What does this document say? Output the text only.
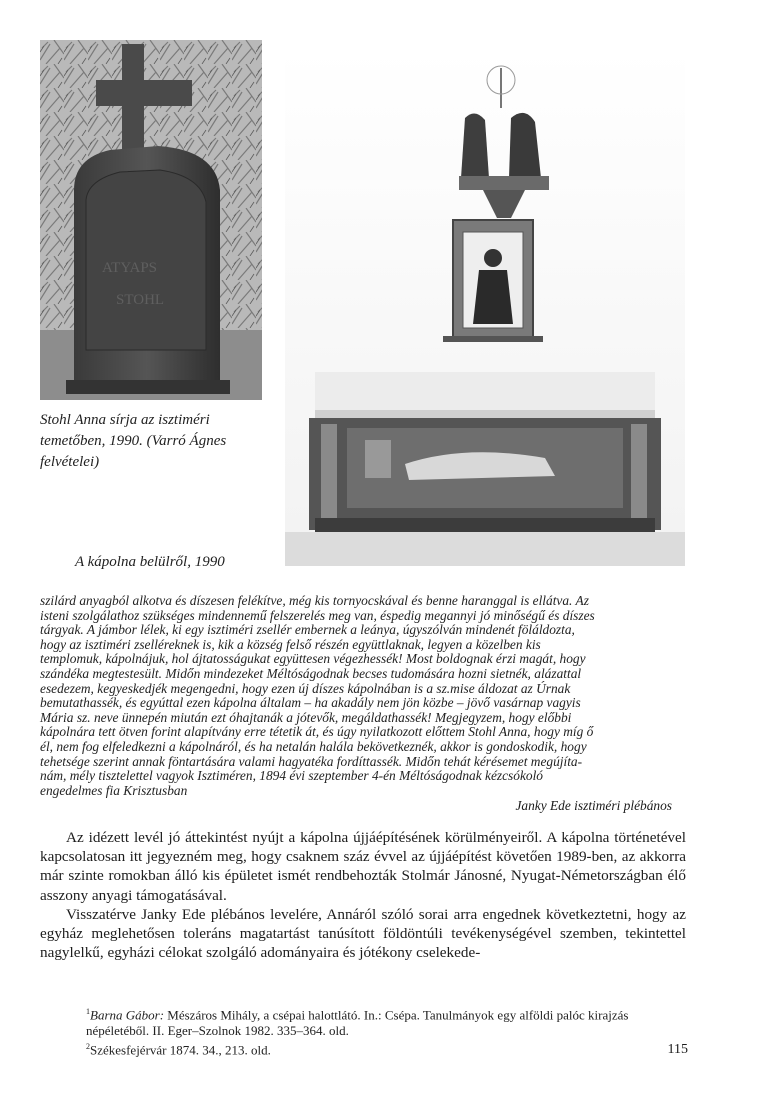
ATYAPS
STOHL
Stohl Anna sírja az isztiméri
temetőben, 1990. (Varró Ágnes
felvételei)
A kápolna belülről, 1990

szilárd anyagból alkotva és díszesen felékítve, még kis tornyocskával és benne haranggal is ellátva. Az

isteni szolgálathoz szükséges mindennemű felszerelés meg van, éspedig megannyi jó minőségű és díszes

tárgyak. A jámbor lélek, ki egy isztiméri zsellér embernek a leánya, úgyszólván mindenét föláldozta,

hogy az isztiméri zselléreknek is, kik a község felső részén együttlaknak, legyen a közelben kis

templomuk, kápolnájuk, hol ájtatosságukat együttesen végezhessék! Most boldognak érzi magát, hogy

szándéka megtestesült. Midőn mindezeket Méltóságodnak becses tudomására hozni sietnék, alázattal

esedezem, kegyeskedjék megengedni, hogy ezen új díszes kápolnában is a sz.mise áldozat az Úrnak

bemutathassék, és egyúttal ezen kápolna általam – ha akadály nem jön közbe – jövő vasárnap vagyis

Mária sz. neve ünnepén miután ezt óhajtanák a jótevők, megáldathassék! Megjegyzem, hogy előbbi

kápolnára tett ötven forint alapítvány erre tétetik át, és úgy nyilatkozott előttem Stohl Anna, hogy míg ő

él, nem fog elfeledkezni a kápolnáról, és ha netalán halála bekövetkeznék, akkor is gondoskodik, hogy

tehetsége szerint annak föntartására valami hagyatéka fordíttassék. Midőn tehát kérésemet megújíta-

nám, mély tisztelettel vagyok Isztiméren, 1894 évi szeptember 4-én Méltóságodnak kézcsókoló

engedelmes fia Krisztusban

Janky Ede isztiméri plébános

Az idézett levél jó áttekintést nyújt a kápolna újjáépítésének körülményeiről. A kápolna történetével kapcsolatosan itt jegyezném meg, hogy csaknem száz évvel az újjáépítést követően 1989-ben, az akkorra már szinte romokban álló kis épületet ismét rendbehozták Stolmár Jánosné, Nyugat-Németországban élő asszony anyagi támogatásával.

Visszatérve Janky Ede plébános levelére, Annáról szóló sorai arra engednek következtetni, hogy az egyház meglehetősen toleráns magatartást tanúsított földöntúli tevékenységével szemben, tekintettel nagylelkű, egyházi célokat szolgáló adományaira és jótékony cselekede-

$^1$Barna Gábor: Mészáros Mihály, a csépai halottlátó. In.: Csépa. Tanulmányok egy alföldi palóc kirajzás népéletéből. II. Eger–Szolnok 1982. 335–364. old.
$^2$Székesfejérvár 1874. 34., 213. old.	115
